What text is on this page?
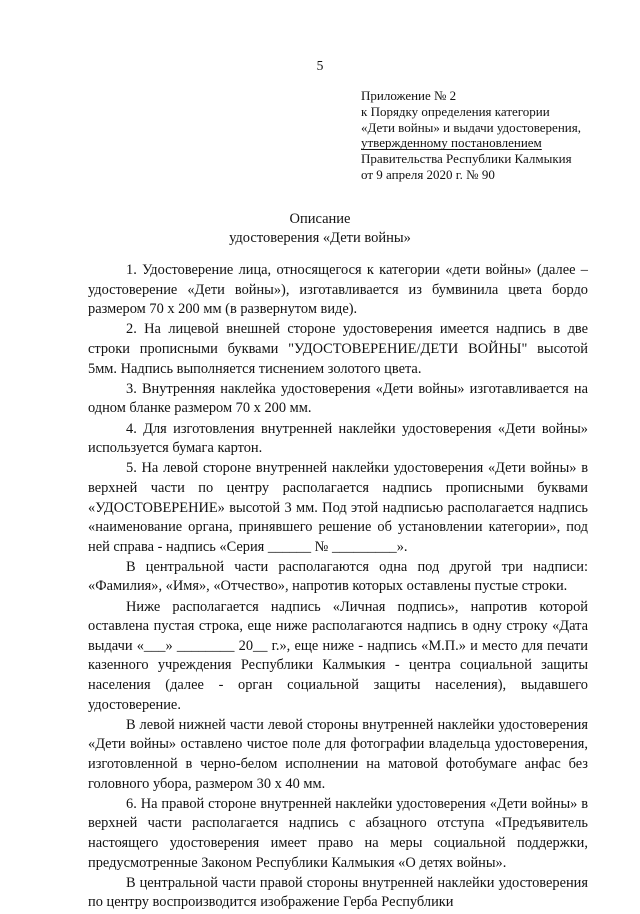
5
Приложение № 2
к Порядку определения категории
«Дети войны» и выдачи удостоверения,
утвержденному постановлением
Правительства Республики Калмыкия
от 9 апреля 2020 г. № 90
Описание
удостоверения «Дети войны»

1. Удостоверение лица, относящегося к категории «дети войны» (далее – удостоверение «Дети войны»), изготавливается из бумвинила цвета бордо размером 70 х 200 мм (в развернутом виде).

2. На лицевой внешней стороне удостоверения имеется надпись в две строки прописными буквами "УДОСТОВЕРЕНИЕ/ДЕТИ ВОЙНЫ" высотой 5мм. Надпись выполняется тиснением золотого цвета.

3. Внутренняя наклейка удостоверения «Дети войны» изготавливается на одном бланке размером 70 х 200 мм.

4. Для изготовления внутренней наклейки удостоверения «Дети войны» используется бумага картон.

5. На левой стороне внутренней наклейки удостоверения «Дети войны» в верхней части по центру располагается надпись прописными буквами «УДОСТОВЕРЕНИЕ» высотой 3 мм. Под этой надписью располагается надпись «наименование органа, принявшего решение об установлении категории», под ней справа - надпись «Серия ______ № _________».

В центральной части располагаются одна под другой три надписи: «Фамилия», «Имя», «Отчество», напротив которых оставлены пустые строки.

Ниже располагается надпись «Личная подпись», напротив которой оставлена пустая строка, еще ниже располагаются надпись в одну строку «Дата выдачи «___» ________ 20__ г.», еще ниже - надпись «М.П.» и место для печати казенного учреждения Республики Калмыкия - центра социальной защиты населения (далее - орган социальной защиты населения), выдавшего удостоверение.

В левой нижней части левой стороны внутренней наклейки удостоверения «Дети войны» оставлено чистое поле для фотографии владельца удостоверения, изготовленной в черно-белом исполнении на матовой фотобумаге анфас без головного убора, размером 30 х 40 мм.

6. На правой стороне внутренней наклейки удостоверения «Дети войны» в верхней части располагается надпись с абзацного отступа «Предъявитель настоящего удостоверения имеет право на меры социальной поддержки, предусмотренные Законом Республики Калмыкия «О детях войны».

В центральной части правой стороны внутренней наклейки удостоверения по центру воспроизводится изображение Герба Республики
